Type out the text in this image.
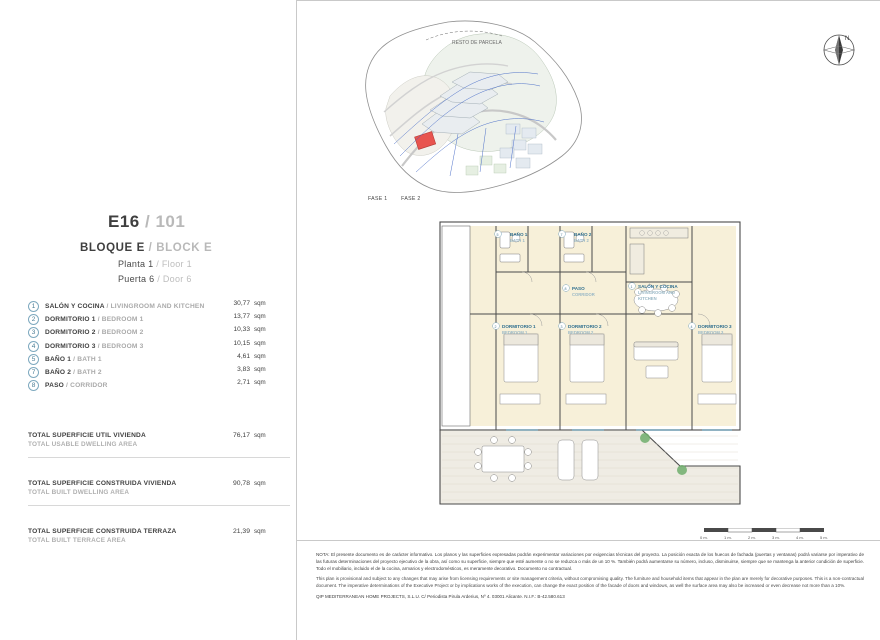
RESTO DE PARCELA
FASE 1	FASE 2
N
E16 / 101
BLOQUE E / BLOCK E
Planta 1 / Floor 1
Puerta 6 / Door 6
1	SALÓN Y COCINA / LIVINGROOM AND KITCHEN	30,77 sqm
2	DORMITORIO 1 / BEDROOM 1	13,77 sqm
3	DORMITORIO 2 / BEDROOM 2	10,33 sqm
4	DORMITORIO 3 / BEDROOM 3	10,15 sqm
5	BAÑO 1 / BATH 1	4,61 sqm
7	BAÑO 2 / BATH 2	3,83 sqm
8	PASO / CORRIDOR	2,71 sqm
TOTAL SUPERFICIE UTIL VIVIENDA
TOTAL USABLE DWELLING AREA
76,17 sqm
TOTAL SUPERFICIE CONSTRUIDA VIVIENDA
TOTAL BUILT DWELLING AREA
90,78 sqm
TOTAL SUPERFICIE CONSTRUIDA TERRAZA
TOTAL BUILT TERRACE AREA
21,39 sqm
BAÑO 1
BATH 1
BAÑO 2
BATH 2
PASO
CORRIDOR
SALÓN Y COCINA
LIVINGROOM AND
KITCHEN
DORMITORIO 1
BEDROOM 1
DORMITORIO 2
BEDROOM 2
DORMITORIO 3
BEDROOM 3
5	7
8	1
2	3	4
0 m.	1 m.	2 m.	3 m.	4 m.	5 m.

NOTA: El presente documento es de carácter informativo. Los planos y las superficies expresadas podrán experimentar variaciones por exigencias técnicas del proyecto. La posición exacta de los huecos de fachada (puertas y ventanas) podrá variarse por imperativo de las futuras determinaciones del proyecto ejecutivo de la obra, así como su superficie, siempre que esté aumente o no se reduzca o más de un 10 %. También podrá aumentarse su número, incluso, disminuirse, siempre que se mantenga la anterior condición de superficie. Todo el mobiliario, incluido el de la cocina, armarios y electrodomésticos, es meramente decorativo. Documento no contractual.

This plan is provisional and subject to any changes that may arise from licensing requirements or site management criteria, without compromising quality. The furniture and household items that appear in the plan are merely for decorative purposes. This is a non-contractual document. The imperative determinations of the Executive Project or by implications works of the execution, can change the exact position of the facade of doors and windows, as well the surface area may also be increased or even decrease not more than a 10%.

QIP MEDITERRANEAN HOME PROJECTS, S.L.U. C/ Periodista Pirula Arderius, Nº 4. 03001 Alicante. N.I.F.: B-42.580.613
